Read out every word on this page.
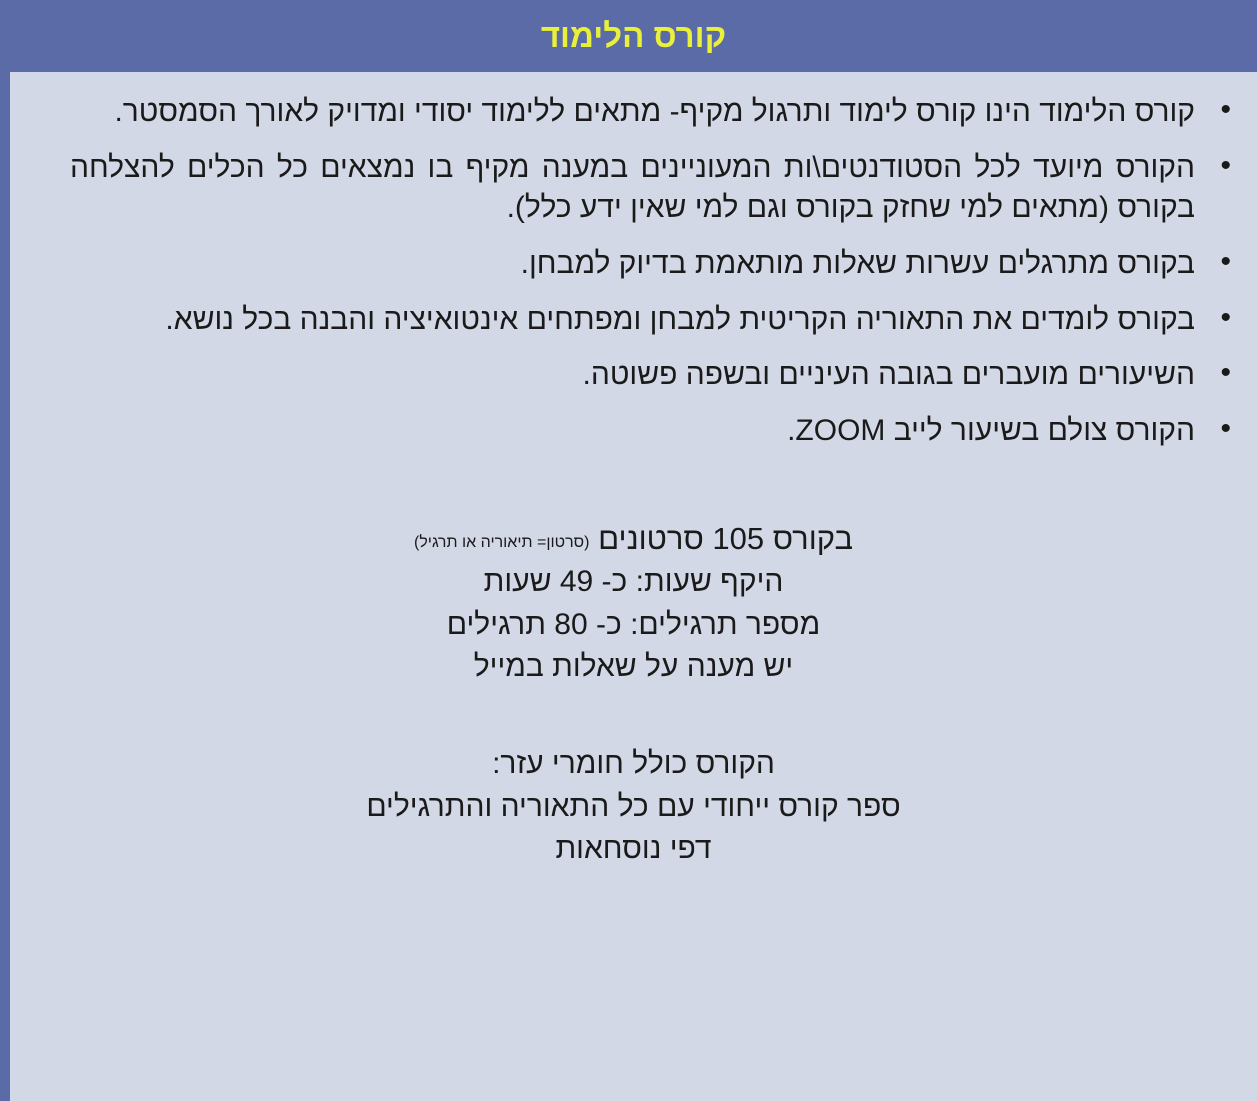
קורס הלימוד
• קורס הלימוד הינו קורס לימוד ותרגול מקיף- מתאים ללימוד יסודי ומדויק לאורך הסמסטר.
• הקורס מיועד לכל הסטודנטים\ות המעוניינים במענה מקיף בו נמצאים כל הכלים להצלחה בקורס (מתאים למי שחזק בקורס וגם למי שאין ידע כלל).
• בקורס מתרגלים עשרות שאלות מותאמת בדיוק למבחן.
• בקורס לומדים את התאוריה הקריטית למבחן ומפתחים אינטואיציה והבנה בכל נושא.
• השיעורים מועברים בגובה העיניים ובשפה פשוטה.
• הקורס צולם בשיעור לייב ZOOM.
בקורס 105 סרטונים (סרטון= תיאוריה או תרגיל)
היקף שעות: כ- 49 שעות
מספר תרגילים: כ- 80 תרגילים
יש מענה על שאלות במייל
הקורס כולל חומרי עזר:
ספר קורס ייחודי עם כל התאוריה והתרגילים
דפי נוסחאות
